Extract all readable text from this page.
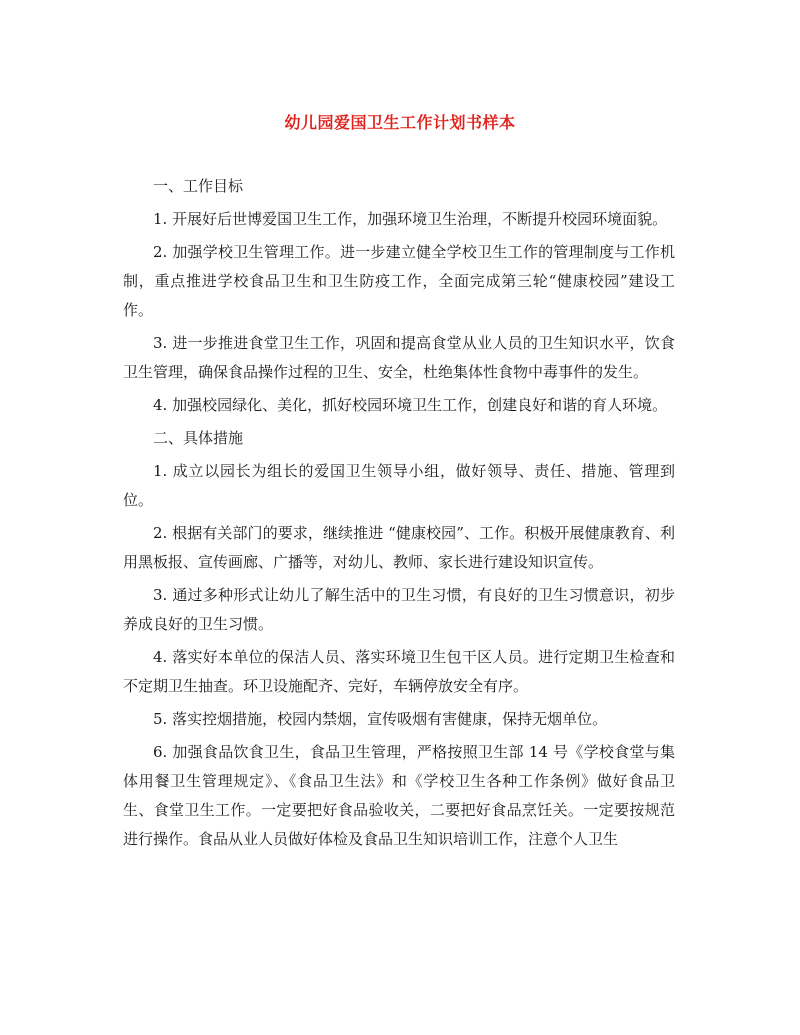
幼儿园爱国卫生工作计划书样本

一、工作目标

1. 开展好后世博爱国卫生工作，加强环境卫生治理，不断提升校园环境面貌。

2. 加强学校卫生管理工作。进一步建立健全学校卫生工作的管理制度与工作机制，重点推进学校食品卫生和卫生防疫工作，全面完成第三轮“健康校园”建设工作。

3. 进一步推进食堂卫生工作，巩固和提高食堂从业人员的卫生知识水平，饮食卫生管理，确保食品操作过程的卫生、安全，杜绝集体性食物中毒事件的发生。

4. 加强校园绿化、美化，抓好校园环境卫生工作，创建良好和谐的育人环境。

二、具体措施

1. 成立以园长为组长的爱国卫生领导小组，做好领导、责任、措施、管理到位。

2. 根据有关部门的要求，继续推进 “健康校园”、工作。积极开展健康教育、利用黑板报、宣传画廊、广播等，对幼儿、教师、家长进行建设知识宣传。

3. 通过多种形式让幼儿了解生活中的卫生习惯，有良好的卫生习惯意识，初步养成良好的卫生习惯。

4. 落实好本单位的保洁人员、落实环境卫生包干区人员。进行定期卫生检查和不定期卫生抽查。环卫设施配齐、完好，车辆停放安全有序。

5. 落实控烟措施，校园内禁烟，宣传吸烟有害健康，保持无烟单位。

6. 加强食品饮食卫生，食品卫生管理，严格按照卫生部 14 号《学校食堂与集体用餐卫生管理规定》、《食品卫生法》和《学校卫生各种工作条例》做好食品卫生、食堂卫生工作。一定要把好食品验收关，二要把好食品烹饪关。一定要按规范进行操作。食品从业人员做好体检及食品卫生知识培训工作，注意个人卫生
